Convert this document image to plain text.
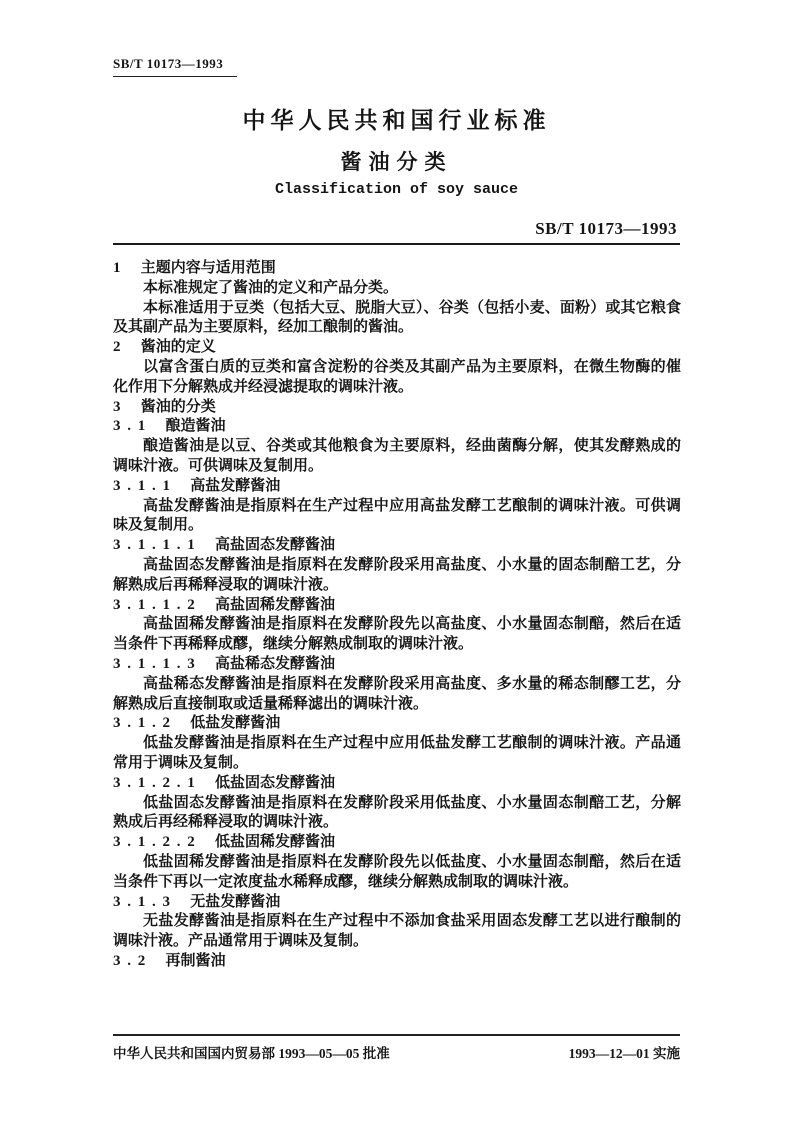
SB/T 10173—1993
中华人民共和国行业标准
酱油分类
Classification of soy sauce
SB/T 10173—1993
1 主题内容与适用范围
本标准规定了酱油的定义和产品分类。
本标准适用于豆类（包括大豆、脱脂大豆）、谷类（包括小麦、面粉）或其它粮食及其副产品为主要原料，经加工酿制的酱油。
2 酱油的定义
以富含蛋白质的豆类和富含淀粉的谷类及其副产品为主要原料，在微生物酶的催化作用下分解熟成并经浸滤提取的调味汁液。
3 酱油的分类
3.1 酿造酱油
酿造酱油是以豆、谷类或其他粮食为主要原料，经曲菌酶分解，使其发酵熟成的调味汁液。可供调味及复制用。
3.1.1 高盐发酵酱油
高盐发酵酱油是指原料在生产过程中应用高盐发酵工艺酿制的调味汁液。可供调味及复制用。
3.1.1.1 高盐固态发酵酱油
高盐固态发酵酱油是指原料在发酵阶段采用高盐度、小水量的固态制醅工艺，分解熟成后再稀释浸取的调味汁液。
3.1.1.2 高盐固稀发酵酱油
高盐固稀发酵酱油是指原料在发酵阶段先以高盐度、小水量固态制醅，然后在适当条件下再稀释成醪，继续分解熟成制取的调味汁液。
3.1.1.3 高盐稀态发酵酱油
高盐稀态发酵酱油是指原料在发酵阶段采用高盐度、多水量的稀态制醪工艺，分解熟成后直接制取或适量稀释滤出的调味汁液。
3.1.2 低盐发酵酱油
低盐发酵酱油是指原料在生产过程中应用低盐发酵工艺酿制的调味汁液。产品通常用于调味及复制。
3.1.2.1 低盐固态发酵酱油
低盐固态发酵酱油是指原料在发酵阶段采用低盐度、小水量固态制醅工艺，分解熟成后再经稀释浸取的调味汁液。
3.1.2.2 低盐固稀发酵酱油
低盐固稀发酵酱油是指原料在发酵阶段先以低盐度、小水量固态制醅，然后在适当条件下再以一定浓度盐水稀释成醪，继续分解熟成制取的调味汁液。
3.1.3 无盐发酵酱油
无盐发酵酱油是指原料在生产过程中不添加食盐采用固态发酵工艺以进行酿制的调味汁液。产品通常用于调味及复制。
3.2 再制酱油
中华人民共和国国内贸易部 1993—05—05 批准	1993—12—01 实施
